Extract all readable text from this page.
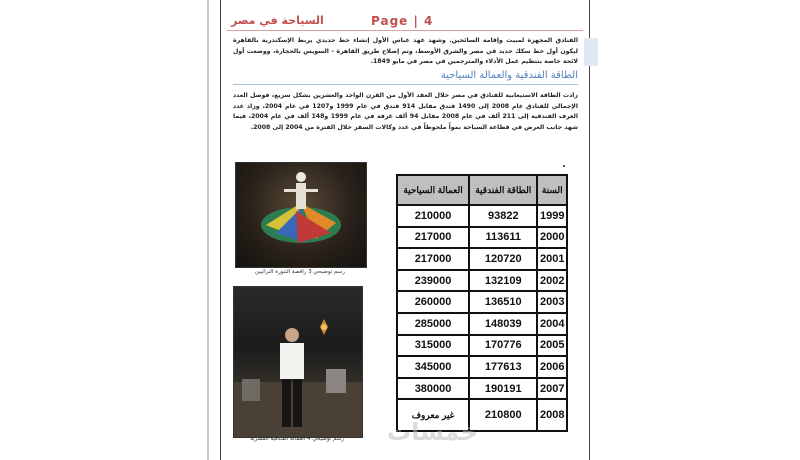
السياحة في مصر	Page | 4
الفنادق المجهزة لمبيت وإقامة السائحين. وشهد عهد عباس الأول إنشاء خط حديدي يربط الإسكندرية بالقاهرة ليكون أول خط سكك حديد في مصر والشرق الأوسط، وتم إصلاح طريق القاهرة - السويس بالحجارة، ووضعت أول لائحة خاصة بتنظيم عمل الأدلاء والمترجمين في مصر في مايو 1849.
الطاقة الفندقية والعمالة السياحية
زادت الطاقة الاستيعابية للفنادق في مصر خلال العقد الأول من القرن الواحد والعشرين بشكل سريع، فوصل العدد الإجمالي للفنادق عام 2008 إلى 1490 فندق مقابل 914 فندق في عام 1999 و1207 في عام 2004، وزاد عدد الغرف الفندقية إلى 211 ألف في عام 2008 مقابل 94 ألف غرفة في عام 1999 و148 ألف في عام 2004، فيما شهد جانب العرض في قطاعة السياحة نمواً ملحوظاً في عدد وكالات السفر خلال الفترة من 2004 إلى 2008.
رسم توضيحي 3 راقصة التنورة التراثيين
رسم توضيحي 4 العمالة الفندقية المصرية
السنة	الطاقة الفندقية	العمالة السياحية
1999	93822	210000
2000	113611	217000
2001	120720	217000
2002	132109	239000
2003	136510	260000
2004	148039	285000
2005	170776	315000
2006	177613	345000
2007	190191	380000
2008	210800	غير معروف
خمسات
